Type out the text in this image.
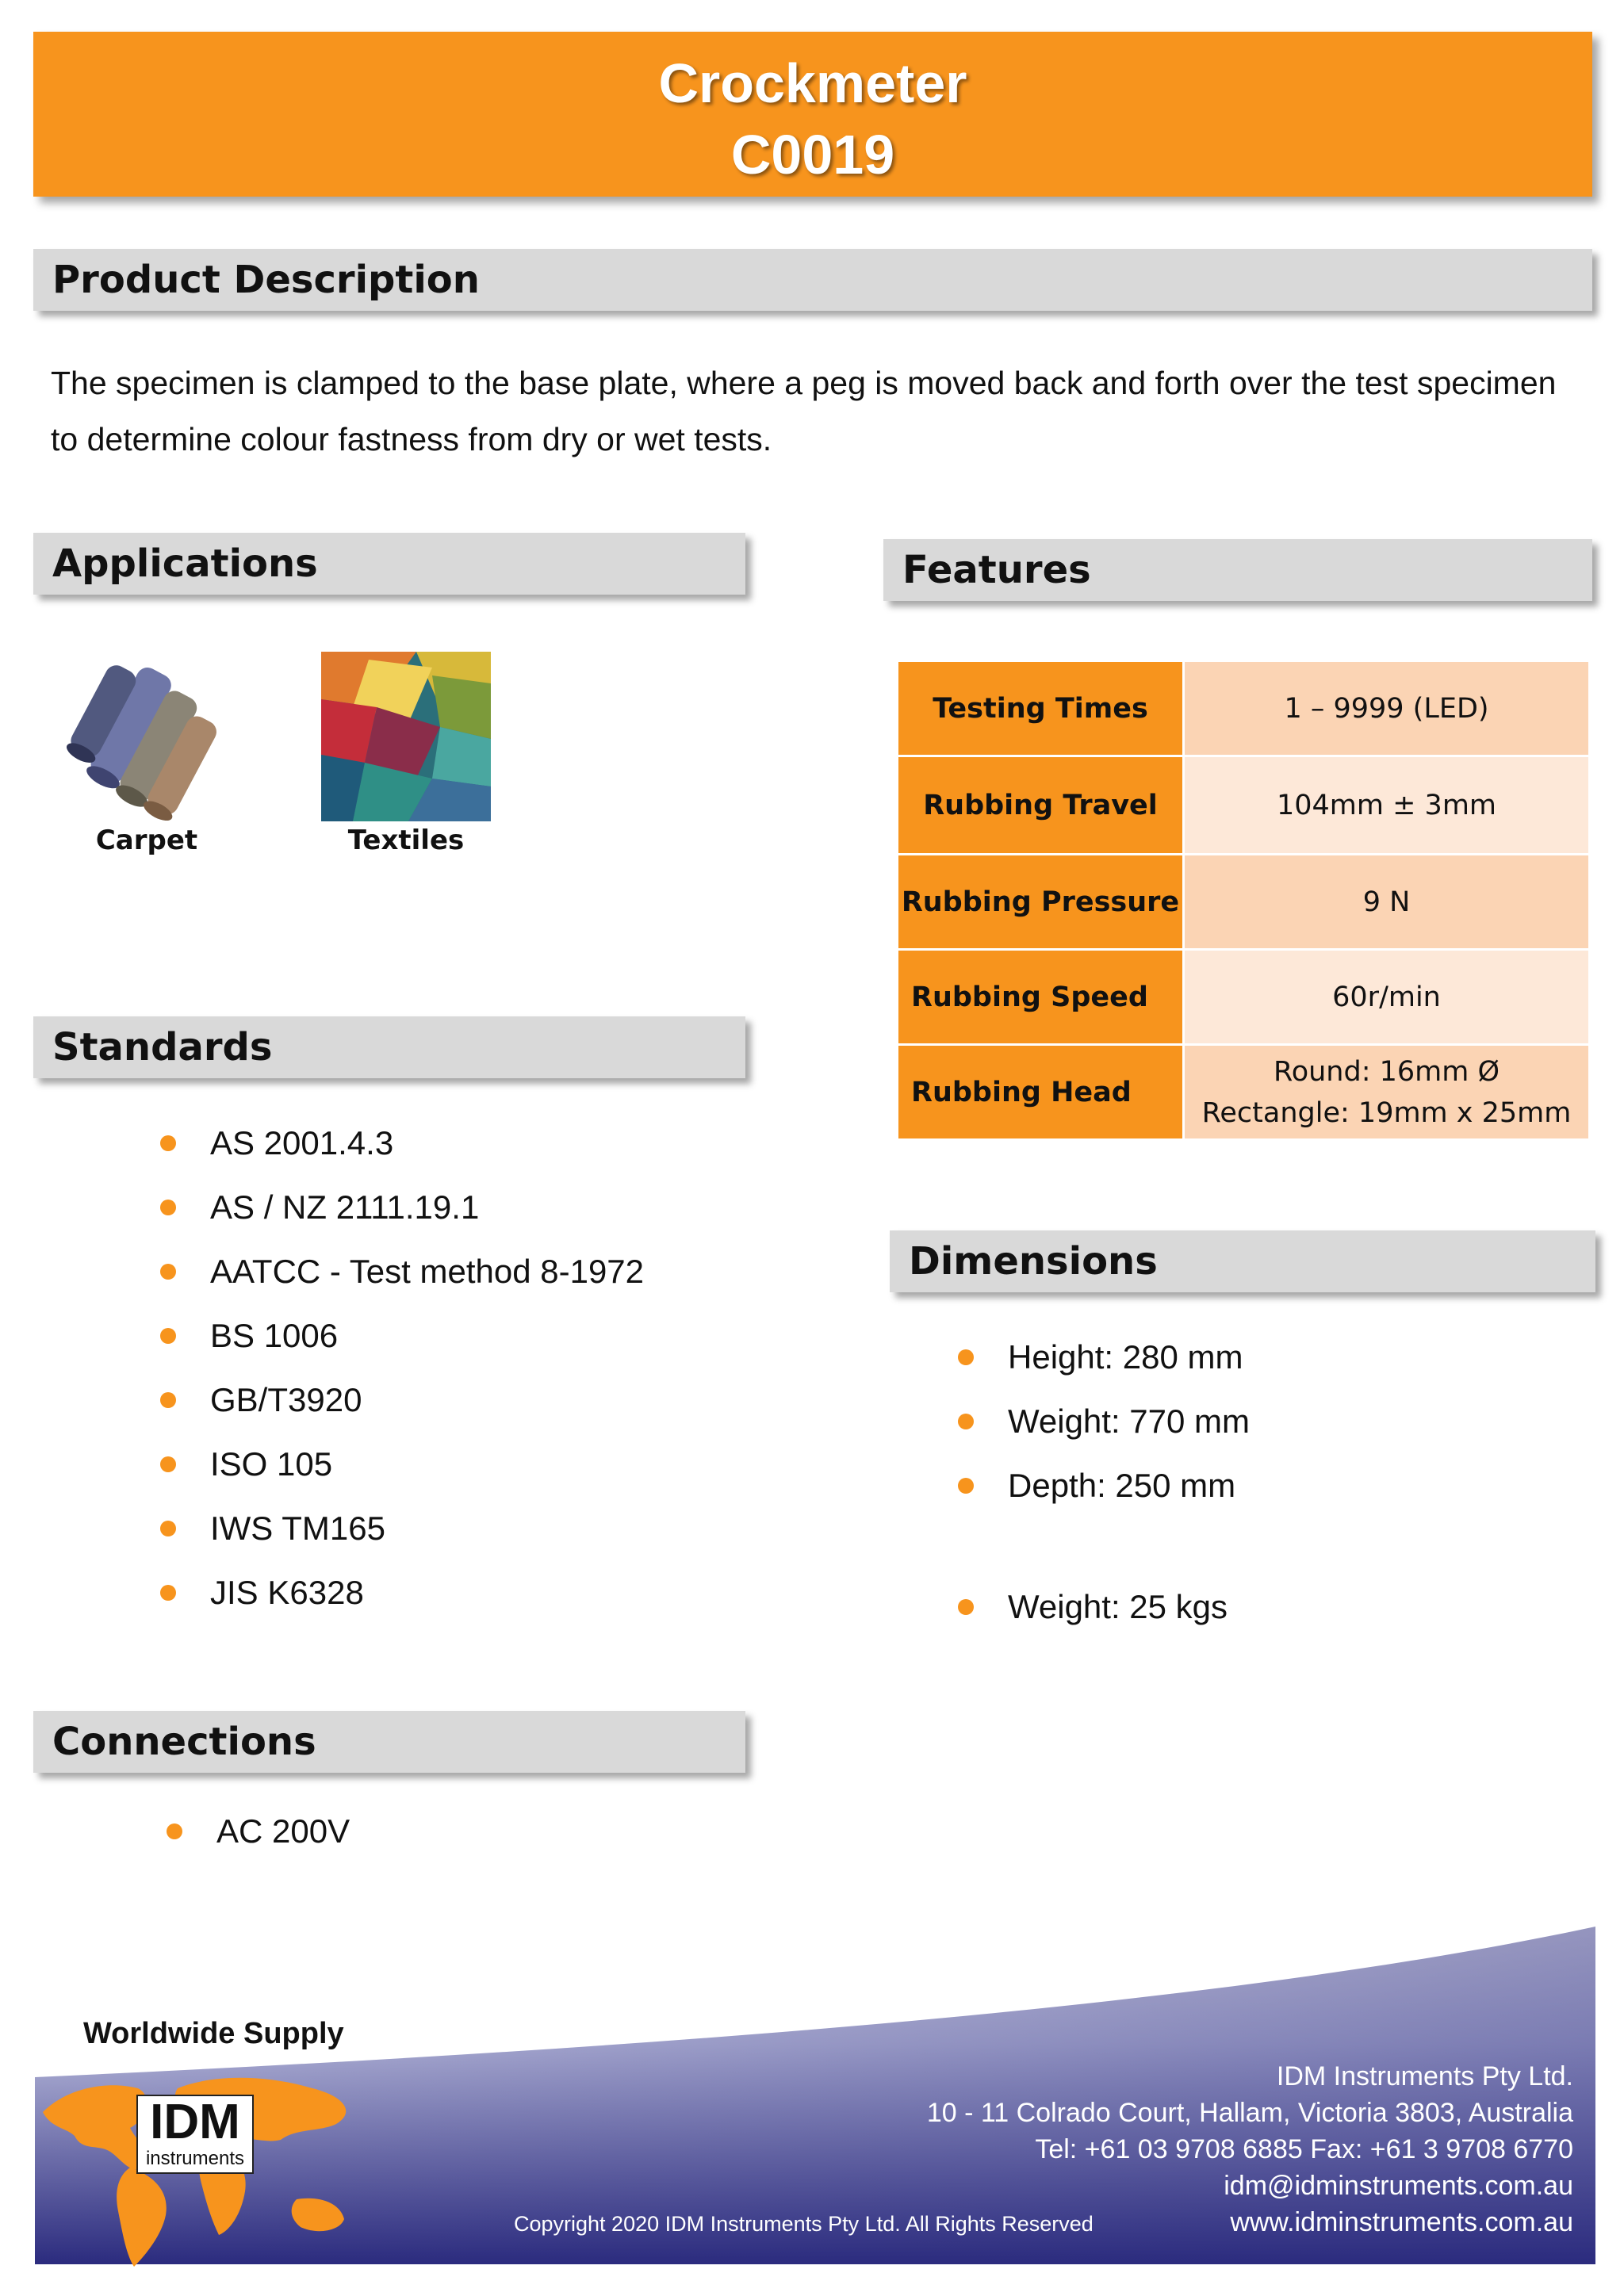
Crockmeter
C0019
Product Description
The specimen is clamped to the base plate, where a peg is moved back and forth over the test specimen to determine colour fastness from dry or wet tests.
Applications
Carpet	Textiles
Features
Testing Times	1 – 9999 (LED)
Rubbing Travel	104mm ± 3mm
Rubbing Pressure	9 N
Rubbing Speed	60r/min
Rubbing Head	Round: 16mm Ø
Rectangle: 19mm x 25mm
Standards
AS 2001.4.3
AS / NZ 2111.19.1
AATCC - Test method 8-1972
BS 1006
GB/T3920
ISO 105
IWS TM165
JIS K6328
Dimensions
Height: 280 mm
Weight: 770 mm
Depth: 250 mm
Weight: 25 kgs
Connections
AC 200V
Worldwide Supply
IDM
instruments
IDM Instruments Pty Ltd.
10 - 11 Colrado Court, Hallam, Victoria 3803, Australia
Tel: +61 03 9708 6885 Fax: +61 3 9708 6770
idm@idminstruments.com.au
www.idminstruments.com.au
Copyright 2020 IDM Instruments Pty Ltd. All Rights Reserved
